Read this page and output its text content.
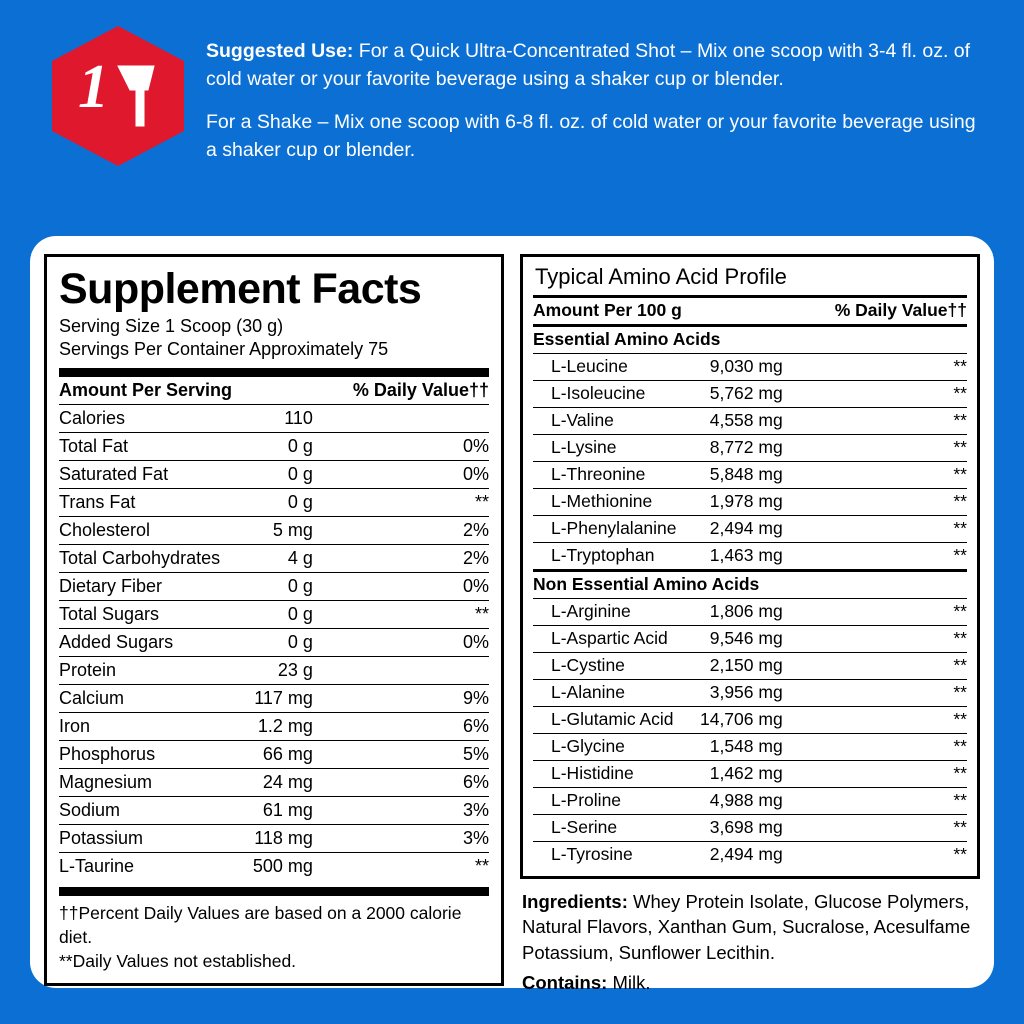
1

Suggested Use: For a Quick Ultra-Concentrated Shot – Mix one scoop with 3-4 fl. oz. of cold water or your favorite beverage using a shaker cup or blender.

For a Shake – Mix one scoop with 6-8 fl. oz. of cold water or your favorite beverage using a shaker cup or blender.

Supplement Facts
Serving Size 1 Scoop (30 g)
Servings Per Container Approximately 75
Amount Per Serving		% Daily Value††
Calories	110	
Total Fat	0 g	0%
Saturated Fat	0 g	0%
Trans Fat	0 g	**
Cholesterol	5 mg	2%
Total Carbohydrates	4 g	2%
Dietary Fiber	0 g	0%
Total Sugars	0 g	**
Added Sugars	0 g	0%
Protein	23 g	
Calcium	117 mg	9%
Iron	1.2 mg	6%
Phosphorus	66 mg	5%
Magnesium	24 mg	6%
Sodium	61 mg	3%
Potassium	118 mg	3%
L-Taurine	500 mg	**
††Percent Daily Values are based on a 2000 calorie diet.
**Daily Values not established.
Typical Amino Acid Profile
Amount Per 100 g		% Daily Value††
Essential Amino Acids		
L-Leucine	9,030 mg	**
L-Isoleucine	5,762 mg	**
L-Valine	4,558 mg	**
L-Lysine	8,772 mg	**
L-Threonine	5,848 mg	**
L-Methionine	1,978 mg	**
L-Phenylalanine	2,494 mg	**
L-Tryptophan	1,463 mg	**
Non Essential Amino Acids		
L-Arginine	1,806 mg	**
L-Aspartic Acid	9,546 mg	**
L-Cystine	2,150 mg	**
L-Alanine	3,956 mg	**
L-Glutamic Acid	14,706 mg	**
L-Glycine	1,548 mg	**
L-Histidine	1,462 mg	**
L-Proline	4,988 mg	**
L-Serine	3,698 mg	**
L-Tyrosine	2,494 mg	**

Ingredients: Whey Protein Isolate, Glucose Polymers, Natural Flavors, Xanthan Gum, Sucralose, Acesulfame Potassium, Sunflower Lecithin.

Contains: Milk.
